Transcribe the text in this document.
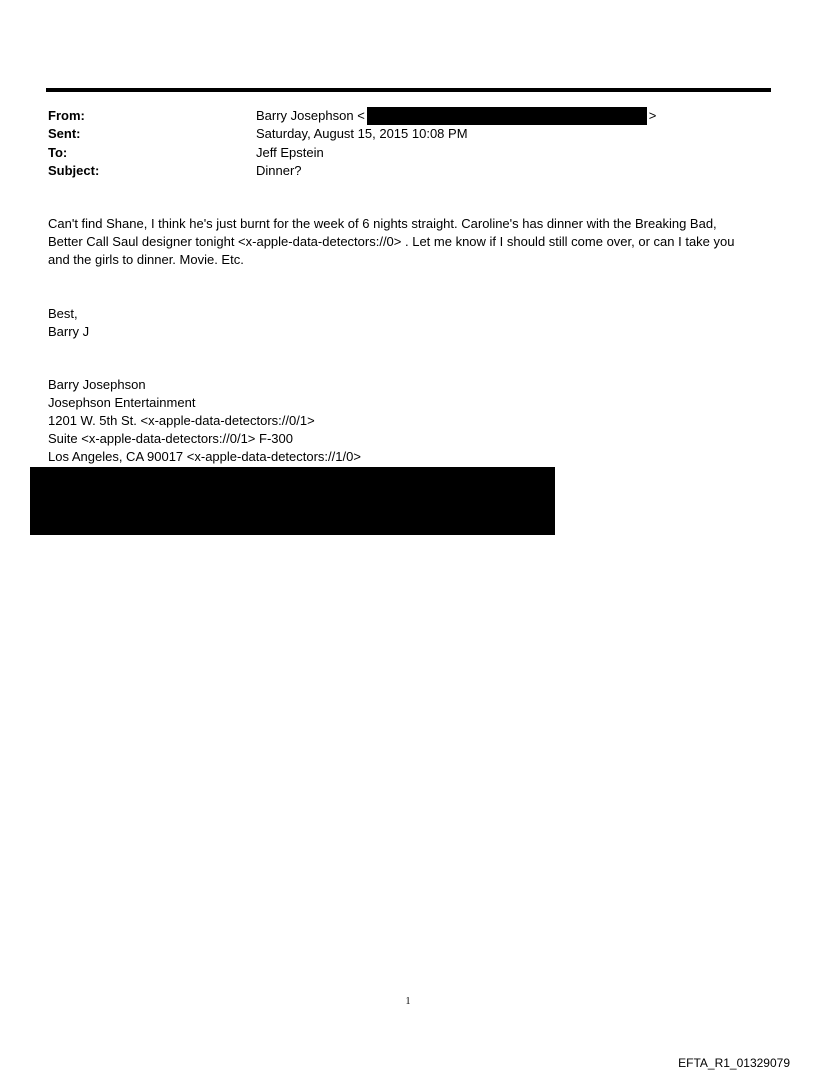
From:	Barry Josephson <	>
Sent:	Saturday, August 15, 2015 10:08 PM
To:	Jeff Epstein
Subject:	Dinner?
Can't find Shane, I think he's just burnt for the week of 6 nights straight. Caroline's has dinner with the Breaking Bad,
Better Call Saul designer tonight <x-apple-data-detectors://0> . Let me know if I should still come over, or can I take you
and the girls to dinner. Movie. Etc.
Best,
Barry J
Barry Josephson
Josephson Entertainment
1201 W. 5th St. <x-apple-data-detectors://0/1>
Suite <x-apple-data-detectors://0/1> F-300
Los Angeles, CA 90017 <x-apple-data-detectors://1/0>
1
EFTA_R1_01329079
